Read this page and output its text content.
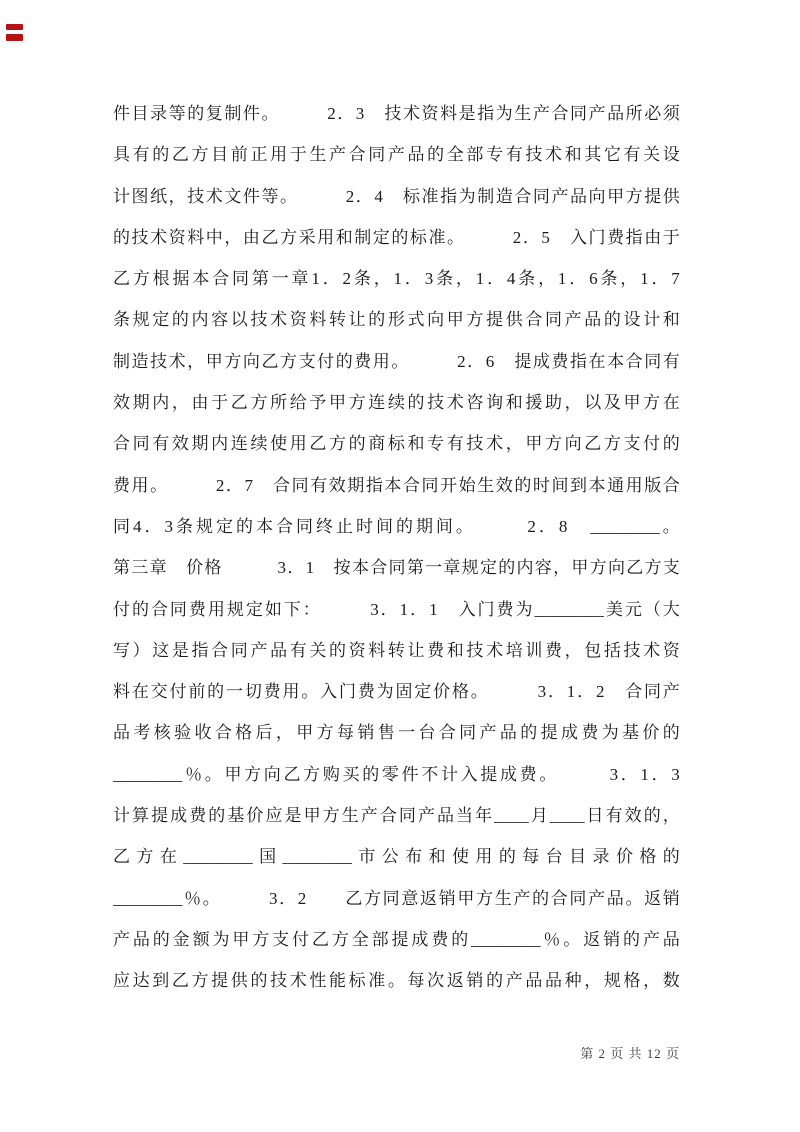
件目录等的复制件。　　　2．3　技术资料是指为生产合同产品所必须
具有的乙方目前正用于生产合同产品的全部专有技术和其它有关设
计图纸，技术文件等。　　　2．4　标准指为制造合同产品向甲方提供
的技术资料中，由乙方采用和制定的标准。　　　2．5　入门费指由于
乙方根据本合同第一章1．2条，1．3条，1．4条，1．6条，1．7
条规定的内容以技术资料转让的形式向甲方提供合同产品的设计和
制造技术，甲方向乙方支付的费用。　　　2．6　提成费指在本合同有
效期内，由于乙方所给予甲方连续的技术咨询和援助，以及甲方在
合同有效期内连续使用乙方的商标和专有技术，甲方向乙方支付的
费用。　　　2．7　合同有效期指本合同开始生效的时间到本通用版合
同4．3条规定的本合同终止时间的期间。　　　2．8　________。
第三章　价格　　　3．1　按本合同第一章规定的内容，甲方向乙方支
付的合同费用规定如下：　　　3．1．1　入门费为________美元（大
写）这是指合同产品有关的资料转让费和技术培训费，包括技术资
料在交付前的一切费用。入门费为固定价格。　　　3．1．2　合同产
品考核验收合格后，甲方每销售一台合同产品的提成费为基价的
________％。甲方向乙方购买的零件不计入提成费。　　　3．1．3
计算提成费的基价应是甲方生产合同产品当年____月____日有效的，
乙方在________国________市公布和使用的每台目录价格的
________％。　　　3．2　　乙方同意返销甲方生产的合同产品。返销
产品的金额为甲方支付乙方全部提成费的________％。返销的产品
应达到乙方提供的技术性能标准。每次返销的产品品种，规格，数
第 2 页 共 12 页
